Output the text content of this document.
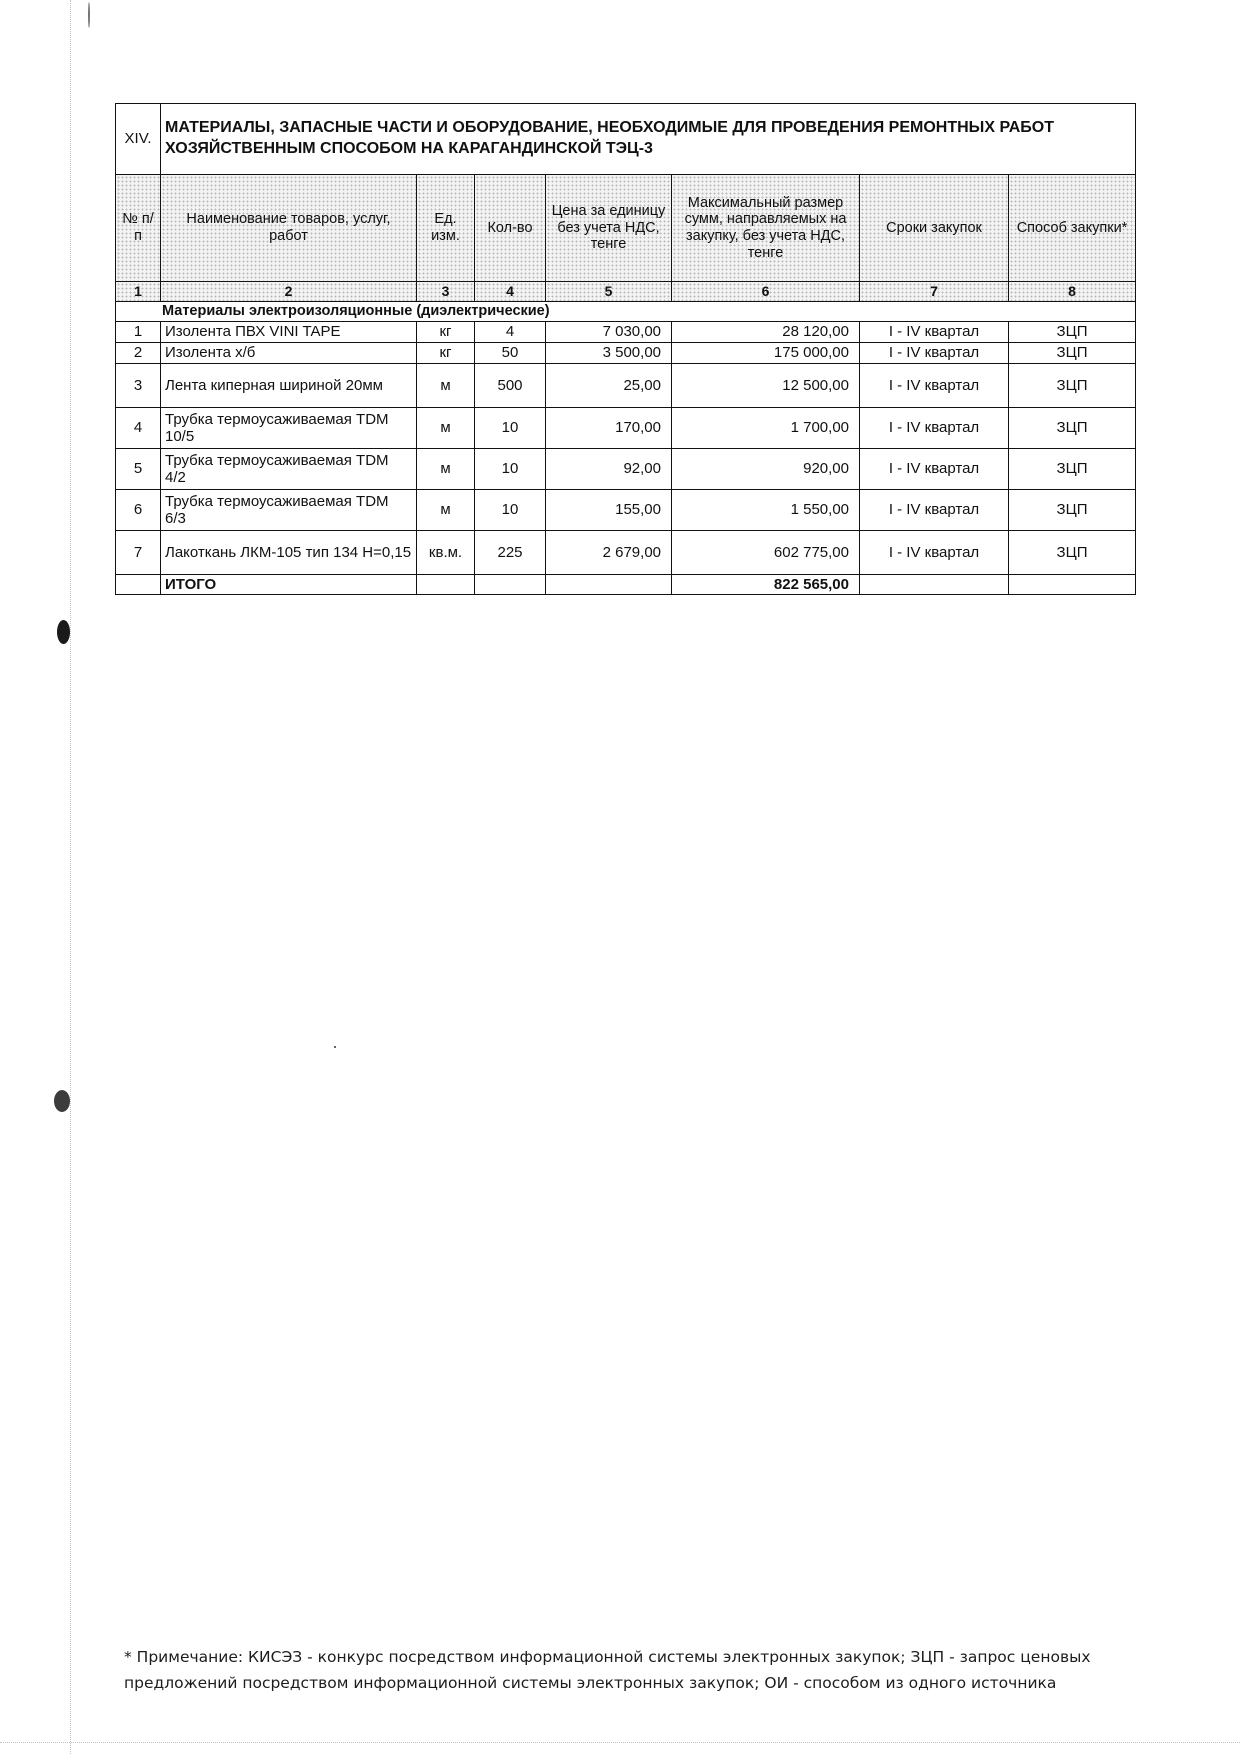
XIV.	МАТЕРИАЛЫ, ЗАПАСНЫЕ ЧАСТИ И ОБОРУДОВАНИЕ, НЕОБХОДИМЫЕ ДЛЯ ПРОВЕДЕНИЯ РЕМОНТНЫХ РАБОТ
ХОЗЯЙСТВЕННЫМ СПОСОБОМ НА КАРАГАНДИНСКОЙ ТЭЦ-3						

№ п/п	Наименование товаров, услуг, работ	Ед. изм.	Кол-во	Цена за единицу без учета НДС, тенге	Максимальный размер сумм, направляемых на закупку, без учета НДС, тенге	Сроки закупок	Способ закупки*
1	2	3	4	5	6	7	8
Материалы электроизоляционные (диэлектрические)							
1	Изолента ПВХ VINI TAPE	кг	4	7 030,00	28 120,00	I - IV квартал	ЗЦП
2	Изолента х/б	кг	50	3 500,00	175 000,00	I - IV квартал	ЗЦП
3	Лента киперная шириной 20мм	м	500	25,00	12 500,00	I - IV квартал	ЗЦП
4	Трубка термоусаживаемая TDM 10/5	м	10	170,00	1 700,00	I - IV квартал	ЗЦП
5	Трубка термоусаживаемая TDM 4/2	м	10	92,00	920,00	I - IV квартал	ЗЦП
6	Трубка термоусаживаемая TDM 6/3	м	10	155,00	1 550,00	I - IV квартал	ЗЦП
7	Лакоткань ЛКМ-105 тип 134 Н=0,15	кв.м.	225	2 679,00	602 775,00	I - IV квартал	ЗЦП
	ИТОГО				822 565,00		
* Примечание: КИСЭЗ - конкурс посредством информационной системы электронных закупок; ЗЦП - запрос ценовых
предложений посредством информационной системы электронных закупок; ОИ - способом из одного источника
